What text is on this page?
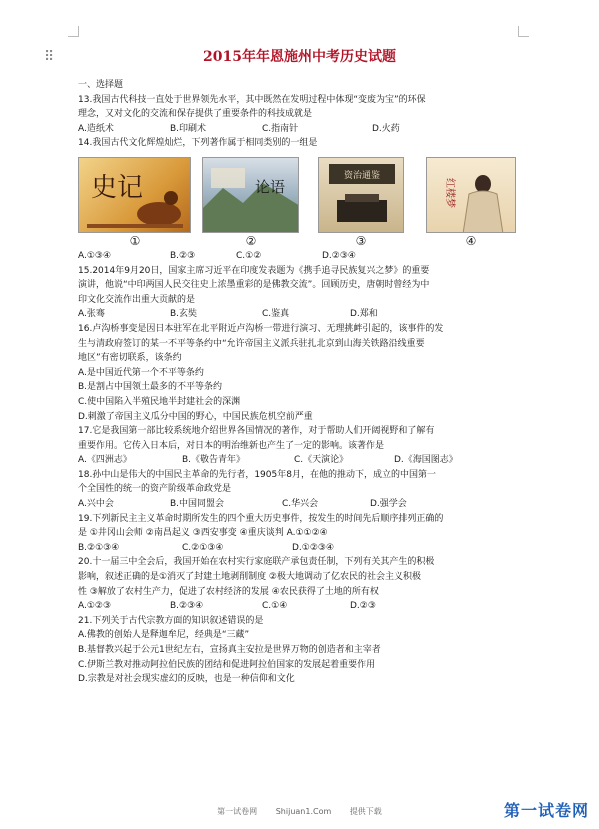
⠿	2015年年恩施州中考历史试题
一、选择题
13.我国古代科技一直处于世界领先水平，其中既然在发明过程中体现“变废为宝”的环保
理念，又对文化的交流和保存提供了重要条件的科技成就是
A.造纸术	B.印刷术	C.指南针	D.火药
14.我国古代文化辉煌灿烂，下列著作属于相同类别的一组是
史记	论语
资治通鉴
红楼梦
①	②	③	④
A.①③④	B.②③	C.①②	D.②③④
15.2014年9月20日，国家主席习近平在印度发表题为《携手追寻民族复兴之梦》的重要
演讲，他说“中印两国人民交往史上浓墨重彩的是佛教交流”。回顾历史，唐朝时曾经为中
印文化交流作出重大贡献的是
A.张骞	B.玄奘	C.鉴真	D.郑和
16.卢沟桥事变是因日本驻军在北平附近卢沟桥一带进行演习、无理挑衅引起的，该事件的发
生与清政府签订的某一不平等条约中“允许帝国主义派兵驻扎北京到山海关铁路沿线重要
地区”有密切联系，该条约
A.是中国近代第一个不平等条约
B.是割占中国领土最多的不平等条约
C.使中国陷入半殖民地半封建社会的深渊
D.刺激了帝国主义瓜分中国的野心，中国民族危机空前严重
17.它是我国第一部比较系统地介绍世界各国情况的著作，对于帮助人们开阔视野和了解有
重要作用。它传入日本后，对日本的明治维新也产生了一定的影响。该著作是
A.《四洲志》	B.《敬告青年》	C.《天演论》	D.《海国图志》
18.孙中山是伟大的中国民主革命的先行者，1905年8月，在他的推动下，成立的中国第一
个全国性的统一的资产阶级革命政党是
A.兴中会	B.中国同盟会	C.华兴会	D.强学会
19.下列新民主主义革命时期所发生的四个重大历史事件，按发生的时间先后顺序排列正确的
是 ①井冈山会师 ②南昌起义 ③西安事变 ④重庆谈判 A.①①②④
B.②①③④	C.②①③④	D.①②③④
20.十一届三中全会后，我国开始在农村实行家庭联产承包责任制，下列有关其产生的积极
影响，叙述正确的是①消灭了封建土地剥削制度 ②极大地调动了亿农民的社会主义积极
性 ③解放了农村生产力，促进了农村经济的发展 ④农民获得了土地的所有权
A.①②③	B.②③④	C.①④	D.②③
21.下列关于古代宗教方面的知识叙述错误的是
A.佛教的创始人是释迦牟尼，经典是“三藏”
B.基督教兴起于公元1世纪左右，宣扬真主安拉是世界万物的创造者和主宰者
C.伊斯兰教对推动阿拉伯民族的团结和促进阿拉伯国家的发展起着重要作用
D.宗教是对社会现实虚幻的反映，也是一种信仰和文化
第一试卷网 Shijuan1.Com 提供下载	第一试卷网
